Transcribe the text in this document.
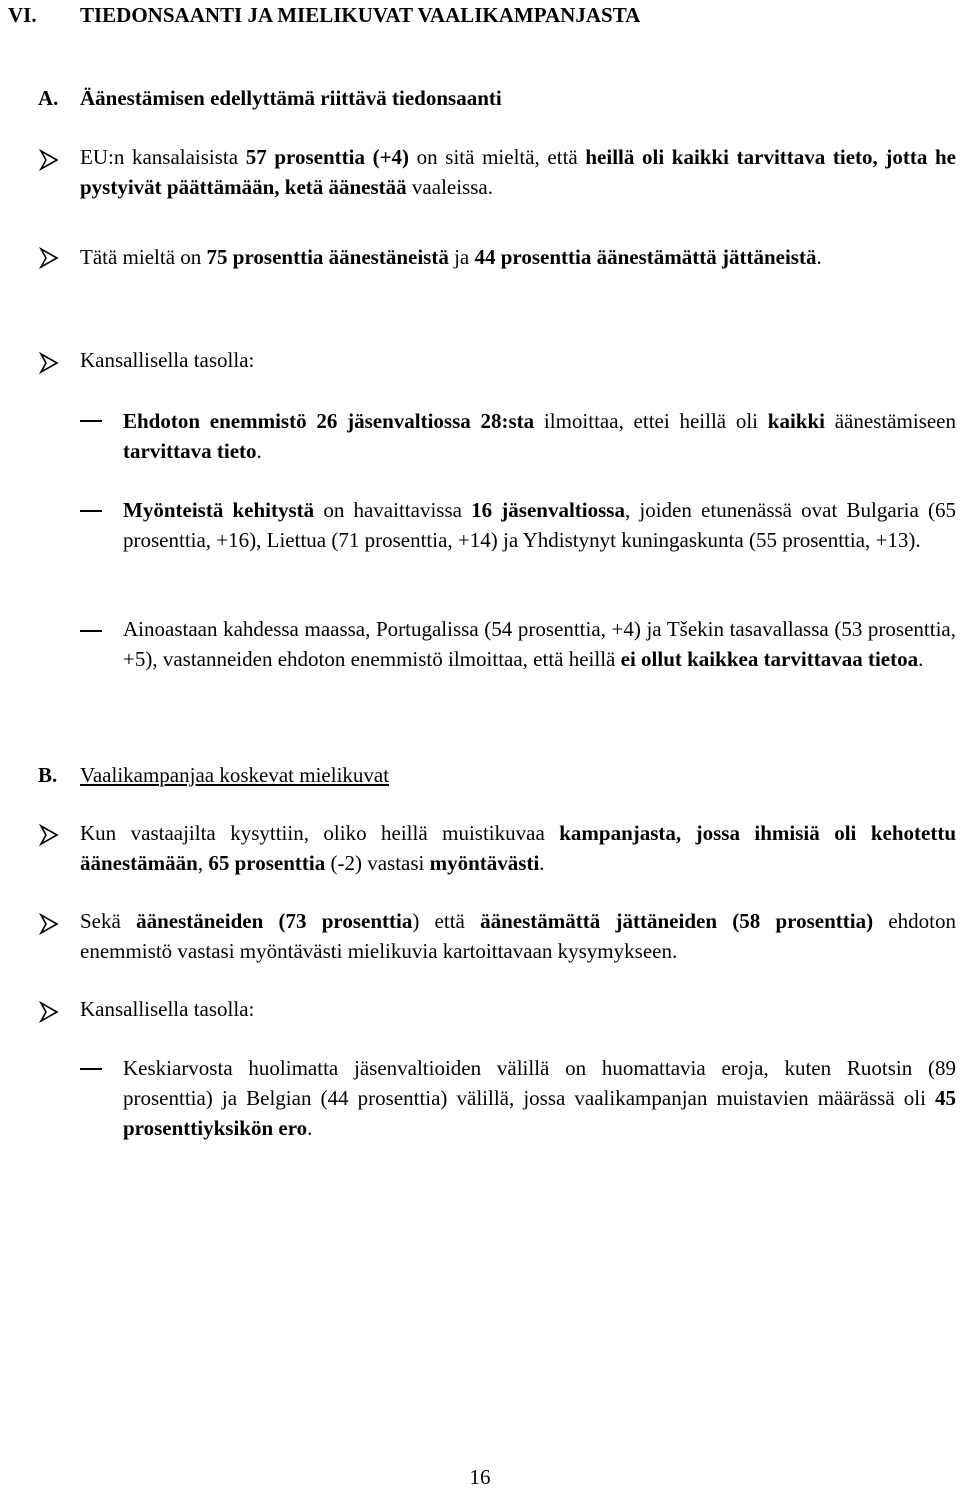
VI. TIEDONSAANTI JA MIELIKUVAT VAALIKAMPANJASTA
A. Äänestämisen edellyttämä riittävä tiedonsaanti
EU:n kansalaisista 57 prosenttia (+4) on sitä mieltä, että heillä oli kaikki tarvittava tieto, jotta he pystyivät päättämään, ketä äänestää vaaleissa.
Tätä mieltä on 75 prosenttia äänestäneistä ja 44 prosenttia äänestämättä jättäneistä.
Kansallisella tasolla:
Ehdoton enemmistö 26 jäsenvaltiossa 28:sta ilmoittaa, ettei heillä oli kaikki äänestämiseen tarvittava tieto.
Myönteistä kehitystä on havaittavissa 16 jäsenvaltiossa, joiden etunenässä ovat Bulgaria (65 prosenttia, +16), Liettua (71 prosenttia, +14) ja Yhdistynyt kuningaskunta (55 prosenttia, +13).
Ainoastaan kahdessa maassa, Portugalissa (54 prosenttia, +4) ja Tšekin tasavallassa (53 prosenttia, +5), vastanneiden ehdoton enemmistö ilmoittaa, että heillä ei ollut kaikkea tarvittavaa tietoa.
B. Vaalikampanjaa koskevat mielikuvat
Kun vastaajilta kysyttiin, oliko heillä muistikuvaa kampanjasta, jossa ihmisiä oli kehotettu äänestämään, 65 prosenttia (-2) vastasi myöntävästi.
Sekä äänestäneiden (73 prosenttia) että äänestämättä jättäneiden (58 prosenttia) ehdoton enemmistö vastasi myöntävästi mielikuvia kartoittavaan kysymykseen.
Kansallisella tasolla:
Keskiarvosta huolimatta jäsenvaltioiden välillä on huomattavia eroja, kuten Ruotsin (89 prosenttia) ja Belgian (44 prosenttia) välillä, jossa vaalikampanjan muistavien määrässä oli 45 prosenttiyksikön ero.
16
